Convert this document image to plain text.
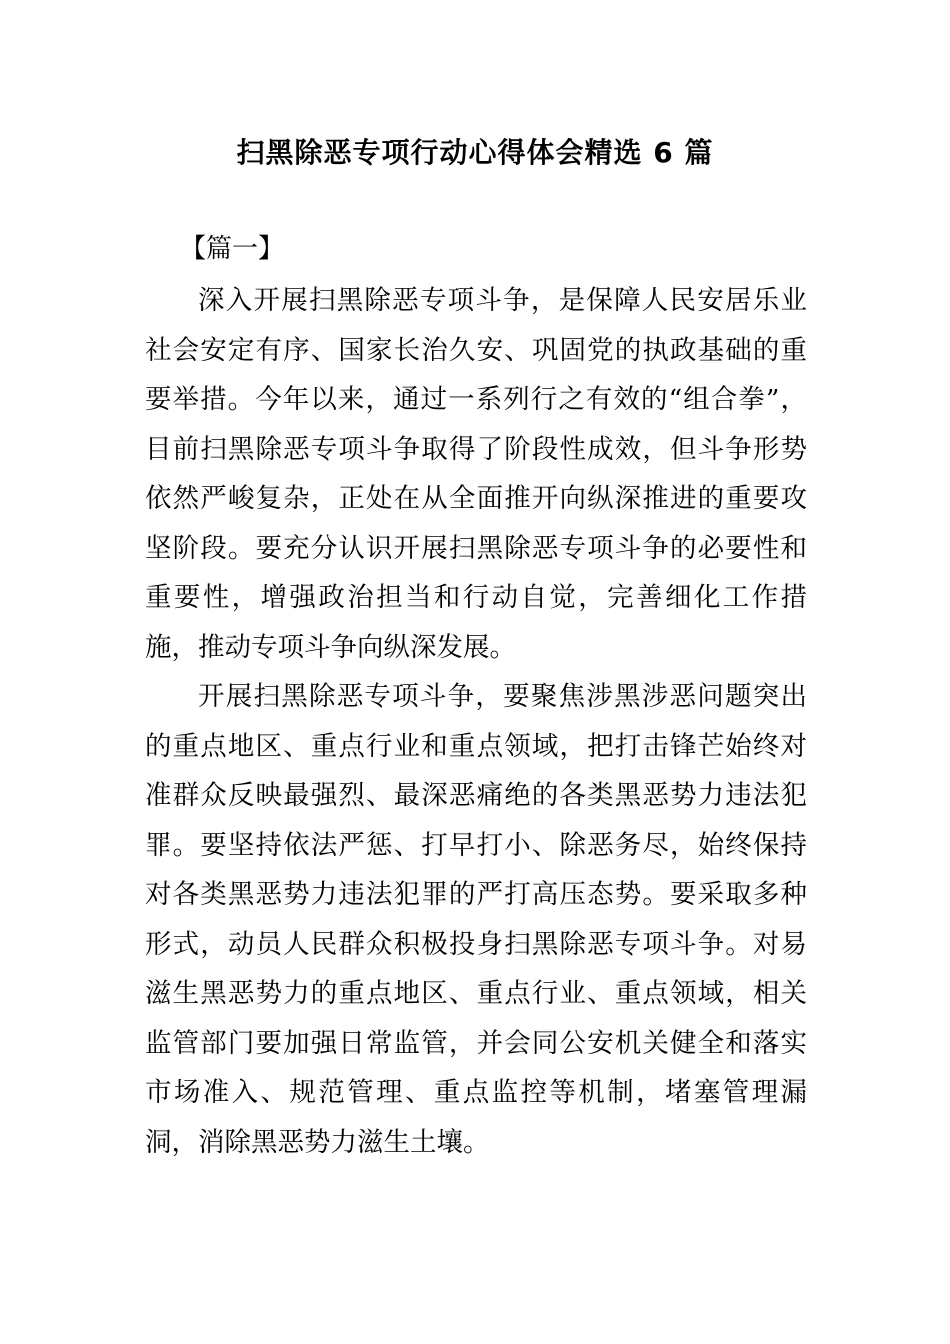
扫黑除恶专项行动心得体会精选 6 篇
【篇一】

深入开展扫黑除恶专项斗争，是保障人民安居乐业社会安定有序、国家长治久安、巩固党的执政基础的重要举措。今年以来，通过一系列行之有效的“组合拳”，目前扫黑除恶专项斗争取得了阶段性成效，但斗争形势依然严峻复杂，正处在从全面推开向纵深推进的重要攻坚阶段。要充分认识开展扫黑除恶专项斗争的必要性和重要性，增强政治担当和行动自觉，完善细化工作措施，推动专项斗争向纵深发展。

开展扫黑除恶专项斗争，要聚焦涉黑涉恶问题突出的重点地区、重点行业和重点领域，把打击锋芒始终对准群众反映最强烈、最深恶痛绝的各类黑恶势力违法犯罪。要坚持依法严惩、打早打小、除恶务尽，始终保持对各类黑恶势力违法犯罪的严打高压态势。要采取多种形式，动员人民群众积极投身扫黑除恶专项斗争。对易滋生黑恶势力的重点地区、重点行业、重点领域，相关监管部门要加强日常监管，并会同公安机关健全和落实市场准入、规范管理、重点监控等机制，堵塞管理漏洞，消除黑恶势力滋生土壤。
